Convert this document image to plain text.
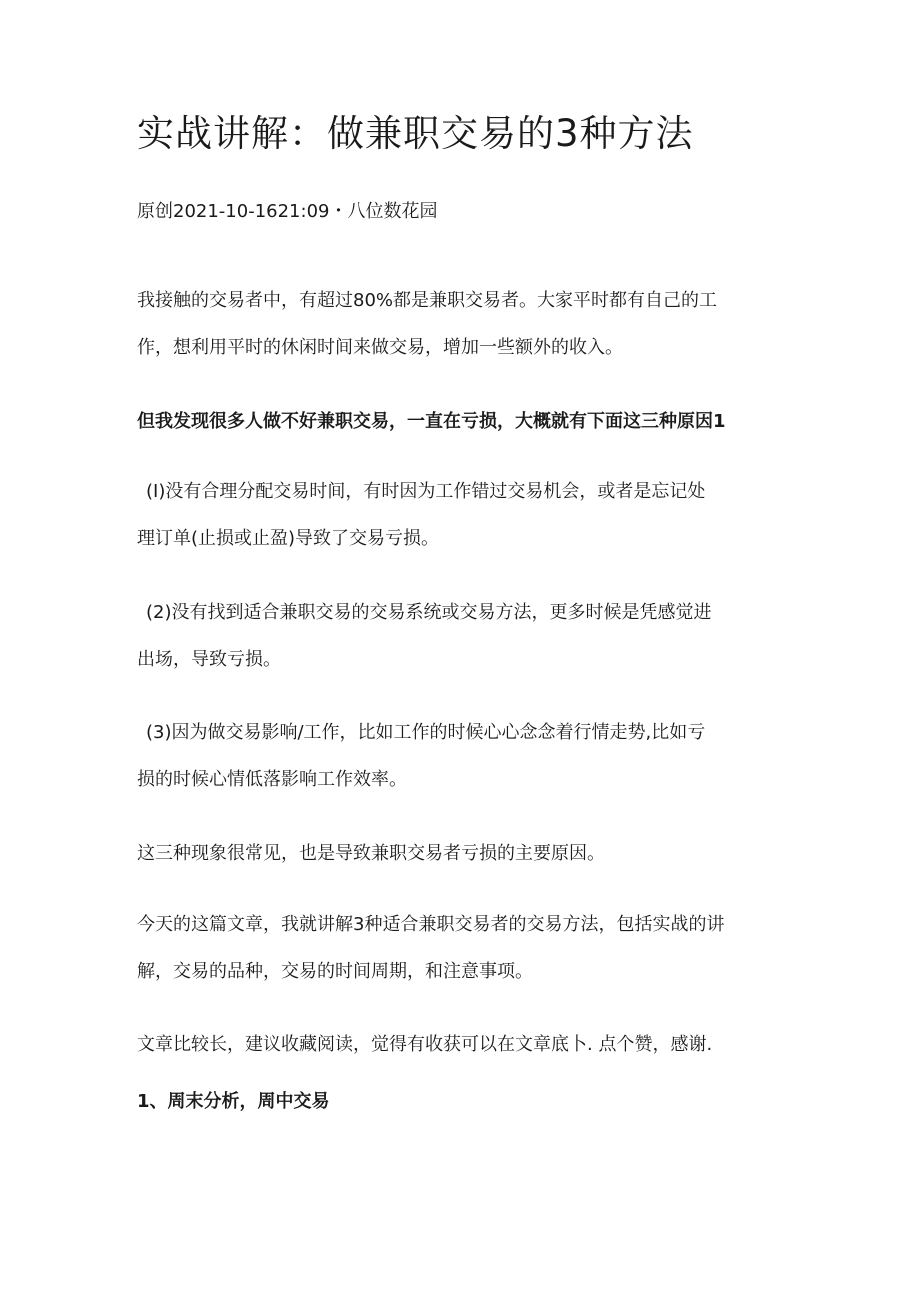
实战讲解：做兼职交易的3种方法

原创2021-10-1621:09・八位数花园

我接触的交易者中，有超过80%都是兼职交易者。大家平时都有自己的工
作，想利用平时的休闲时间来做交易，增加一些额外的收入。

但我发现很多人做不好兼职交易，一直在亏损，大概就有下面这三种原因1

(I)没有合理分配交易时间，有时因为工作错过交易机会，或者是忘记处
理订单(止损或止盈)导致了交易亏损。

(2)没有找到适合兼职交易的交易系统或交易方法，更多时候是凭感觉进
出场，导致亏损。

(3)因为做交易影响/工作，比如工作的时候心心念念着行情走势,比如亏
损的时候心情低落影响工作效率。

这三种现象很常见，也是导致兼职交易者亏损的主要原因。

今天的这篇文章，我就讲解3种适合兼职交易者的交易方法，包括实战的讲
解，交易的品种，交易的时间周期，和注意事项。

文章比较长，建议收藏阅读，觉得有收获可以在文章底卜. 点个赞，感谢.

1、周末分析，周中交易
